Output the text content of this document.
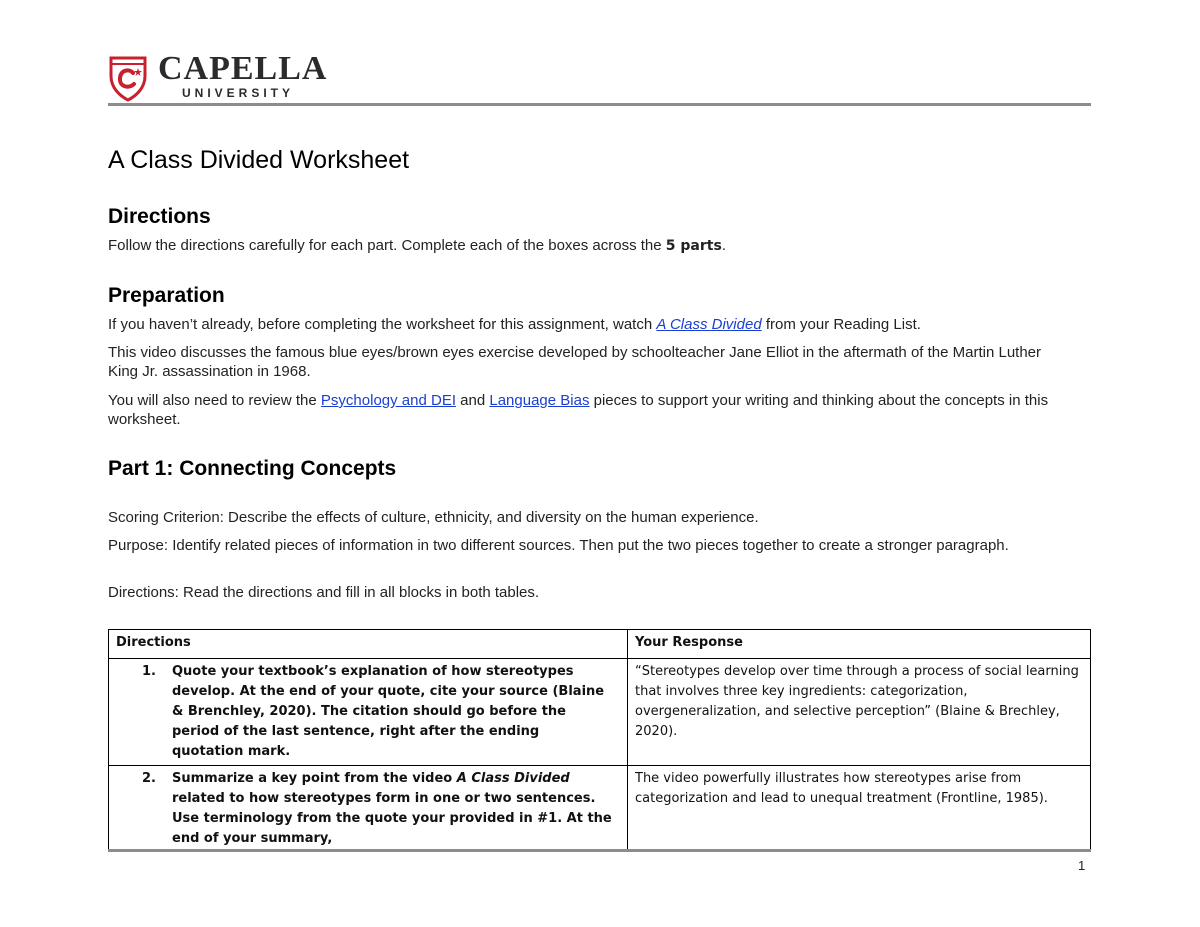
CAPELLA
UNIVERSITY
A Class Divided Worksheet
Directions

Follow the directions carefully for each part. Complete each of the boxes across the 5 parts.

Preparation

If you haven’t already, before completing the worksheet for this assignment, watch A Class Divided from your Reading List.

This video discusses the famous blue eyes/brown eyes exercise developed by schoolteacher Jane Elliot in the aftermath of the Martin Luther King Jr. assassination in 1968.

You will also need to review the Psychology and DEI and Language Bias pieces to support your writing and thinking about the concepts in this worksheet.

Part 1: Connecting Concepts

Scoring Criterion: Describe the effects of culture, ethnicity, and diversity on the human experience.

Purpose: Identify related pieces of information in two different sources. Then put the two pieces together to create a stronger paragraph.

Directions: Read the directions and fill in all blocks in both tables.

Directions	Your Response

1. Quote your textbook’s explanation of how stereotypes develop. At the end of your quote, cite your source (Blaine & Brenchley, 2020). The citation should go before the period of the last sentence, right after the ending quotation mark.	“Stereotypes develop over time through a process of social learning that involves three key ingredients: categorization, overgeneralization, and selective perception” (Blaine & Brechley, 2020).

2. Summarize a key point from the video A Class Divided related to how stereotypes form in one or two sentences. Use terminology from the quote your provided in #1. At the end of your summary,	The video powerfully illustrates how stereotypes arise from categorization and lead to unequal treatment (Frontline, 1985).
1
